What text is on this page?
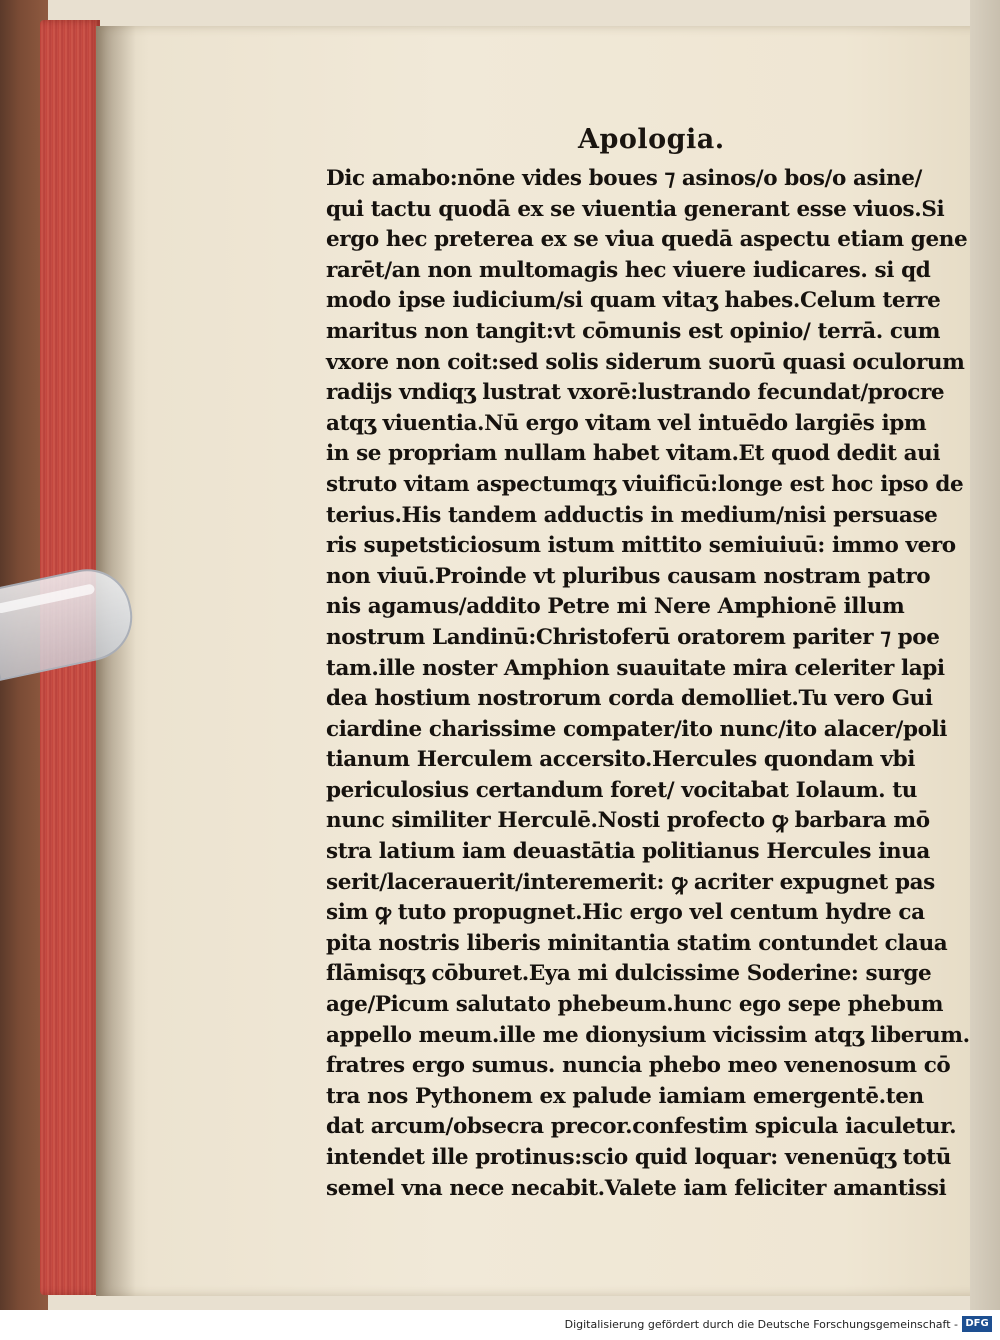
Apologia.
Dic amabo:nōne vides boues ⁊ asinos/o bos/o asine/
qui tactu quodā ex se viuentia generant esse viuos.Si
ergo hec preterea ex se viua quedā aspectu etiam gene
rarēt/an non multomagis hec viuere iudicares. si qd
modo ipse iudicium/si quam vitaʒ habes.Celum terre
maritus non tangit:vt cōmunis est opinio/ terrā. cum
vxore non coit:sed solis siderum suorū quasi oculorum
radijs vndiqʒ lustrat vxorē:lustrando fecundat/procre
atqʒ viuentia.Nū ergo vitam vel intuēdo largiēs ipm
in se propriam nullam habet vitam.Et quod dedit aui
struto vitam aspectumqʒ viuificū:longe est hoc ipso de
terius.His tandem adductis in medium/nisi persuase
ris supetsticiosum istum mittito semiuiuū: immo vero
non viuū.Proinde vt pluribus causam nostram patro
nis agamus/addito Petre mi Nere Amphionē illum
nostrum Landinū:Christoferū oratorem pariter ⁊ poe
tam.ille noster Amphion suauitate mira celeriter lapi
dea hostium nostrorum corda demolliet.Tu vero Gui
ciardine charissime compater/ito nunc/ito alacer/poli
tianum Herculem accersito.Hercules quondam vbi
periculosius certandum foret/ vocitabat Iolaum. tu
nunc similiter Herculē.Nosti profecto ꝙ barbara mō
stra latium iam deuastātia politianus Hercules inua
serit/lacerauerit/interemerit: ꝙ acriter expugnet pas
sim ꝙ tuto propugnet.Hic ergo vel centum hydre ca
pita nostris liberis minitantia statim contundet claua
flāmisqʒ cōburet.Eya mi dulcissime Soderine: surge
age/Picum salutato phebeum.hunc ego sepe phebum
appello meum.ille me dionysium vicissim atqʒ liberum.
fratres ergo sumus. nuncia phebo meo venenosum cō
tra nos Pythonem ex palude iamiam emergentē.ten
dat arcum/obsecra precor.confestim spicula iaculetur.
intendet ille protinus:scio quid loquar: venenūqʒ totū
semel vna nece necabit.Valete iam feliciter amantissi
Digitalisierung gefördert durch die Deutsche Forschungsgemeinschaft - DFG
